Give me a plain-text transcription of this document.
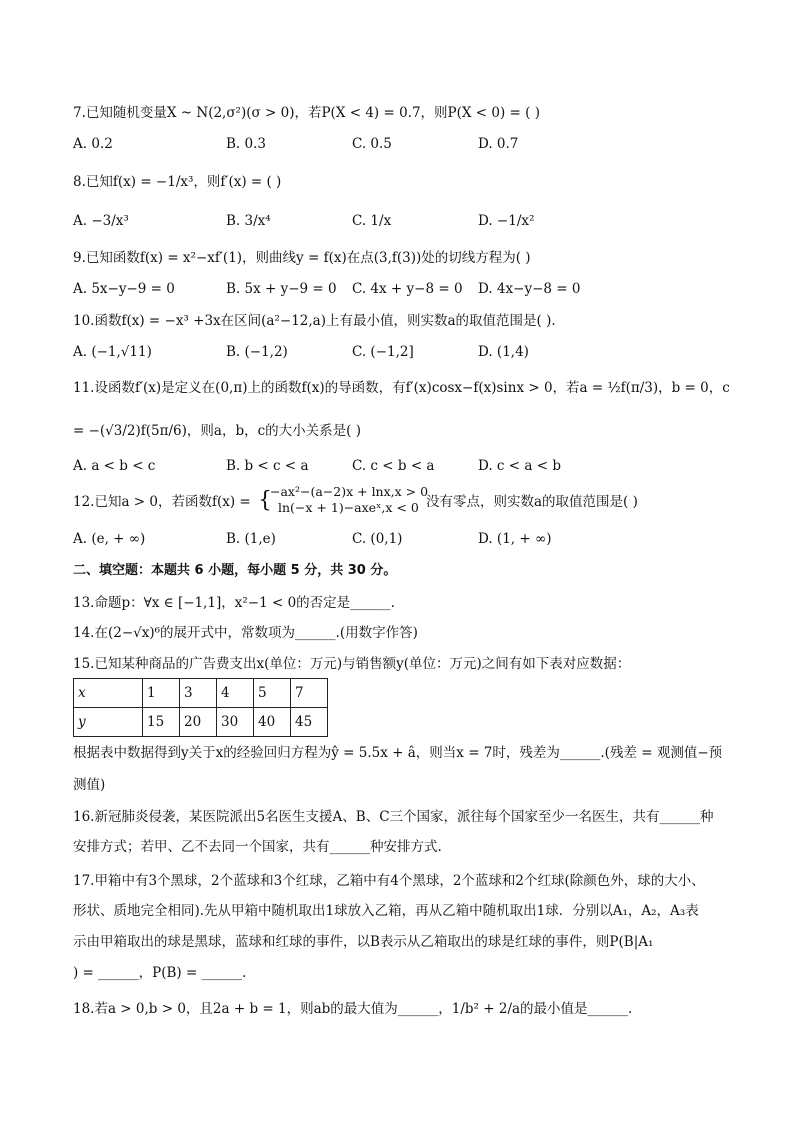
7.已知随机变量X ~ N(2,σ²)(σ > 0)，若P(X < 4) = 0.7，则P(X < 0) = ( )
A. 0.2	B. 0.3	C. 0.5	D. 0.7
8.已知f(x) = −1/x³，则f′(x) = ( )
A. −3/x³	B. 3/x⁴	C. 1/x	D. −1/x²
9.已知函数f(x) = x²−xf′(1)，则曲线y = f(x)在点(3,f(3))处的切线方程为( )
A. 5x−y−9 = 0	B. 5x + y−9 = 0 C. 4x + y−8 = 0 D. 4x−y−8 = 0
10.函数f(x) = −x³ +3x在区间(a²−12,a)上有最小值，则实数a的取值范围是( ).
A. (−1,√11)	B. (−1,2)	C. (−1,2]	D. (1,4)
11.设函数f′(x)是定义在(0,π)上的函数f(x)的导函数，有f′(x)cosx−f(x)sinx > 0，若a = ½f(π/3)，b = 0，c
= −(√3/2)f(5π/6)，则a，b，c的大小关系是( )
A. a < b < c	B. b < c < a	C. c < b < a	D. c < a < b
12.已知a > 0，若函数f(x) = {
−ax²−(a−2)x + lnx,x > 0
ln(−x + 1)−axeˣ,x < 0 没有零点，则实数a的取值范围是( )
A. (e, + ∞)	B. (1,e)	C. (0,1)	D. (1, + ∞)
二、填空题：本题共 6 小题，每小题 5 分，共 30 分。
13.命题p：∀x ∈ [−1,1]，x²−1 < 0的否定是______.
14.在(2−√x)⁶的展开式中，常数项为______.(用数字作答)
15.已知某种商品的广告费支出x(单位：万元)与销售额y(单位：万元)之间有如下表对应数据：
x	1	3	4	5	7
y	15	20	30	40	45
根据表中数据得到y关于x的经验回归方程为ŷ = 5.5x + â，则当x = 7时，残差为______.(残差 = 观测值−预
测值)
16.新冠肺炎侵袭，某医院派出5名医生支援A、B、C三个国家，派往每个国家至少一名医生，共有______种
安排方式；若甲、乙不去同一个国家，共有______种安排方式.
17.甲箱中有3个黑球，2个蓝球和3个红球，乙箱中有4个黑球，2个蓝球和2个红球(除颜色外，球的大小、
形状、质地完全相同).先从甲箱中随机取出1球放入乙箱，再从乙箱中随机取出1球．分别以A₁，A₂，A₃表
示由甲箱取出的球是黑球，蓝球和红球的事件，以B表示从乙箱取出的球是红球的事件，则P(B|A₁
) = ______，P(B) = ______.
18.若a > 0,b > 0，且2a + b = 1，则ab的最大值为______，1/b² + 2/a的最小值是______.
